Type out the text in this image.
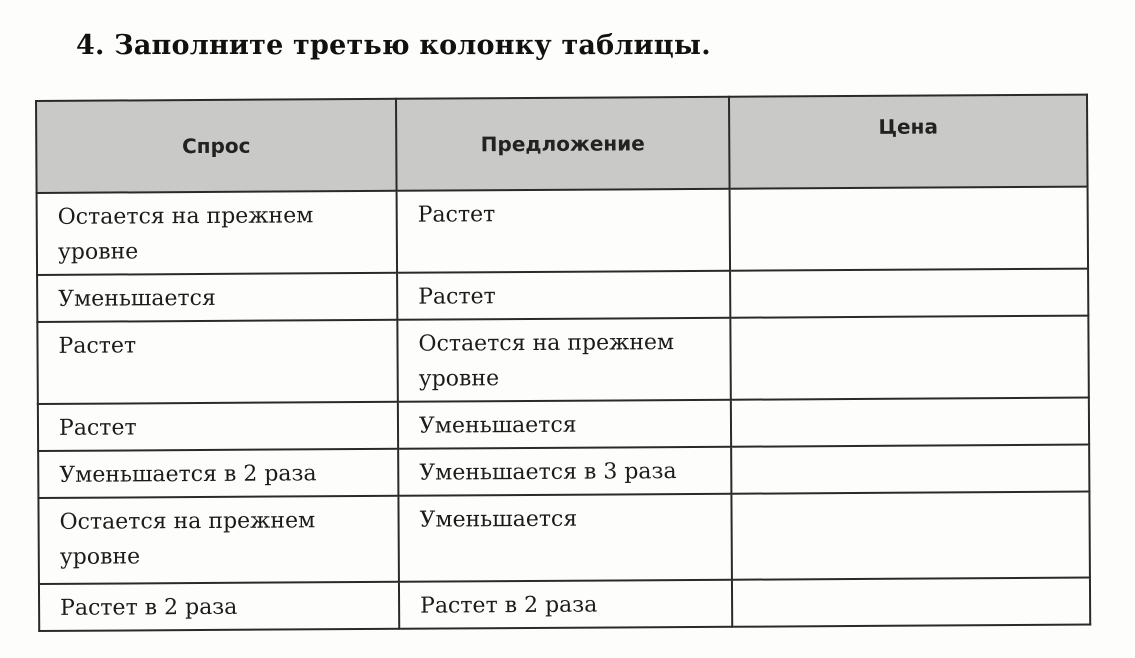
4. Заполните третью колонку таблицы.
Спрос	Предложение	Цена
Остается на прежнем уровне	Растет	
Уменьшается	Растет	
Растет	Остается на прежнем уровне	
Растет	Уменьшается	
Уменьшается в 2 раза	Уменьшается в 3 раза	
Остается на прежнем уровне	Уменьшается	
Растет в 2 раза	Растет в 2 раза	
